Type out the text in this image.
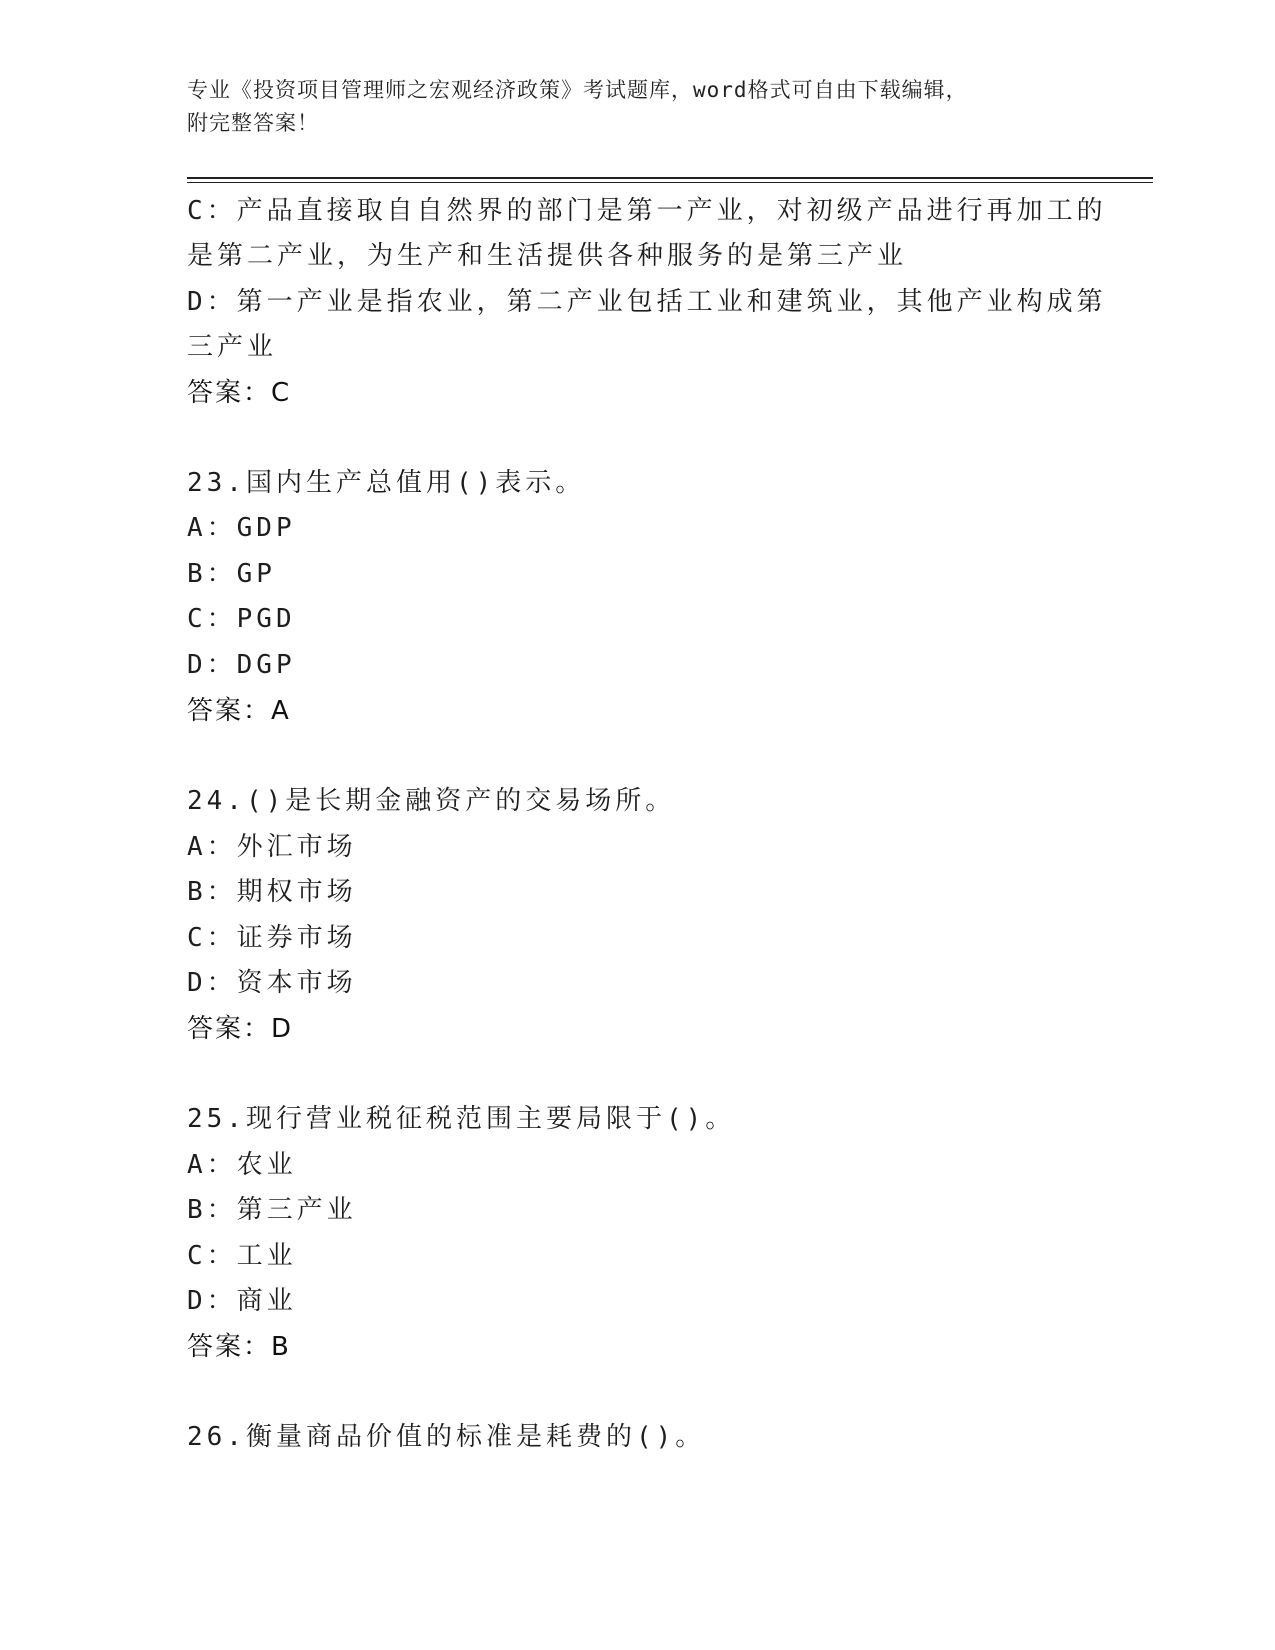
专业《投资项目管理师之宏观经济政策》考试题库，word格式可自由下载编辑，
附完整答案！
C：产品直接取自自然界的部门是第一产业，对初级产品进行再加工的
是第二产业，为生产和生活提供各种服务的是第三产业
D：第一产业是指农业，第二产业包括工业和建筑业，其他产业构成第
三产业
答案：C
23.国内生产总值用()表示。
A：GDP
B：GP
C：PGD
D：DGP
答案：A
24.()是长期金融资产的交易场所。
A：外汇市场
B：期权市场
C：证券市场
D：资本市场
答案：D
25.现行营业税征税范围主要局限于()。
A：农业
B：第三产业
C：工业
D：商业
答案：B
26.衡量商品价值的标准是耗费的()。
